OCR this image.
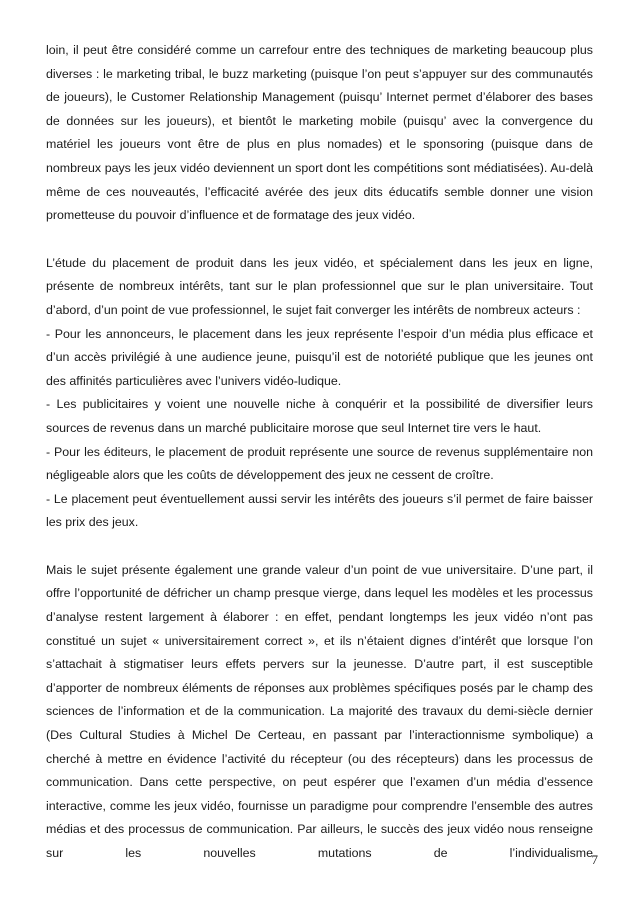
loin, il peut être considéré comme un carrefour entre des techniques de marketing beaucoup plus diverses : le marketing tribal, le buzz marketing (puisque l’on peut s’appuyer sur des communautés de joueurs), le Customer Relationship Management (puisqu’ Internet permet d’élaborer des bases de données sur les joueurs), et bientôt le marketing mobile (puisqu’ avec la convergence du matériel les joueurs vont être de plus en plus nomades) et le sponsoring (puisque dans de nombreux pays les jeux vidéo deviennent un sport dont les compétitions sont médiatisées). Au-delà même de ces nouveautés, l’efficacité avérée des jeux dits éducatifs semble donner une vision prometteuse du pouvoir d’influence et de formatage des jeux vidéo.

L’étude du placement de produit dans les jeux vidéo, et spécialement dans les jeux en ligne, présente de nombreux intérêts, tant sur le plan professionnel que sur le plan universitaire. Tout d’abord, d’un point de vue professionnel, le sujet fait converger les intérêts de nombreux acteurs :

- Pour les annonceurs, le placement dans les jeux représente l’espoir d’un média plus efficace et d’un accès privilégié à une audience jeune, puisqu’il est de notoriété publique que les jeunes ont des affinités particulières avec l’univers vidéo-ludique.

- Les publicitaires y voient une nouvelle niche à conquérir et la possibilité de diversifier leurs sources de revenus dans un marché publicitaire morose que seul Internet tire vers le haut.

- Pour les éditeurs, le placement de produit représente une source de revenus supplémentaire non négligeable alors que les coûts de développement des jeux ne cessent de croître.

- Le placement peut éventuellement aussi servir les intérêts des joueurs s’il permet de faire baisser les prix des jeux.

Mais le sujet présente également une grande valeur d’un point de vue universitaire. D’une part, il offre l’opportunité de défricher un champ presque vierge, dans lequel les modèles et les processus d’analyse restent largement à élaborer : en effet, pendant longtemps les jeux vidéo n’ont pas constitué un sujet « universitairement correct », et ils n’étaient dignes d’intérêt que lorsque l’on s’attachait à stigmatiser leurs effets pervers sur la jeunesse. D’autre part, il est susceptible d’apporter de nombreux éléments de réponses aux problèmes spécifiques posés par le champ des sciences de l’information et de la communication. La majorité des travaux du demi-siècle dernier (Des Cultural Studies à Michel De Certeau, en passant par l’interactionnisme symbolique) a cherché à mettre en évidence l’activité du récepteur (ou des récepteurs) dans les processus de communication. Dans cette perspective, on peut espérer que l’examen d’un média d’essence interactive, comme les jeux vidéo, fournisse un paradigme pour comprendre l’ensemble des autres médias et des processus de communication. Par ailleurs, le succès des jeux vidéo nous renseigne sur les nouvelles mutations de l’individualisme

7
